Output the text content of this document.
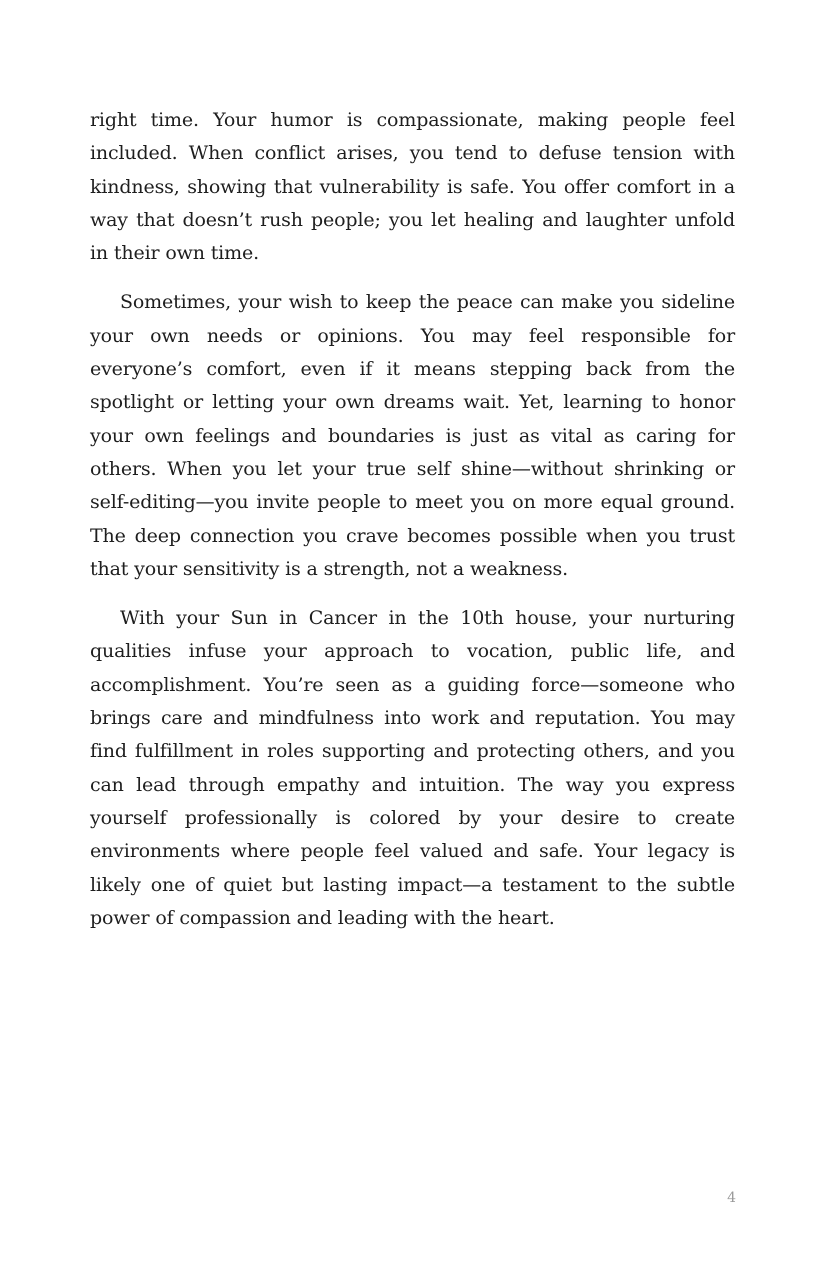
right time. Your humor is compassionate, making people feel included. When conflict arises, you tend to defuse tension with kindness, showing that vulnerability is safe. You offer comfort in a way that doesn’t rush people; you let healing and laughter unfold in their own time.

Sometimes, your wish to keep the peace can make you sideline your own needs or opinions. You may feel responsible for everyone’s comfort, even if it means stepping back from the spotlight or letting your own dreams wait. Yet, learning to honor your own feelings and boundaries is just as vital as caring for others. When you let your true self shine—without shrinking or self-editing—you invite people to meet you on more equal ground. The deep connection you crave becomes possible when you trust that your sensitivity is a strength, not a weakness.

With your Sun in Cancer in the 10th house, your nurturing qualities infuse your approach to vocation, public life, and accomplishment. You’re seen as a guiding force—someone who brings care and mindfulness into work and reputation. You may find fulfillment in roles supporting and protecting others, and you can lead through empathy and intuition. The way you express yourself professionally is colored by your desire to create environments where people feel valued and safe. Your legacy is likely one of quiet but lasting impact—a testament to the subtle power of compassion and leading with the heart.

4
